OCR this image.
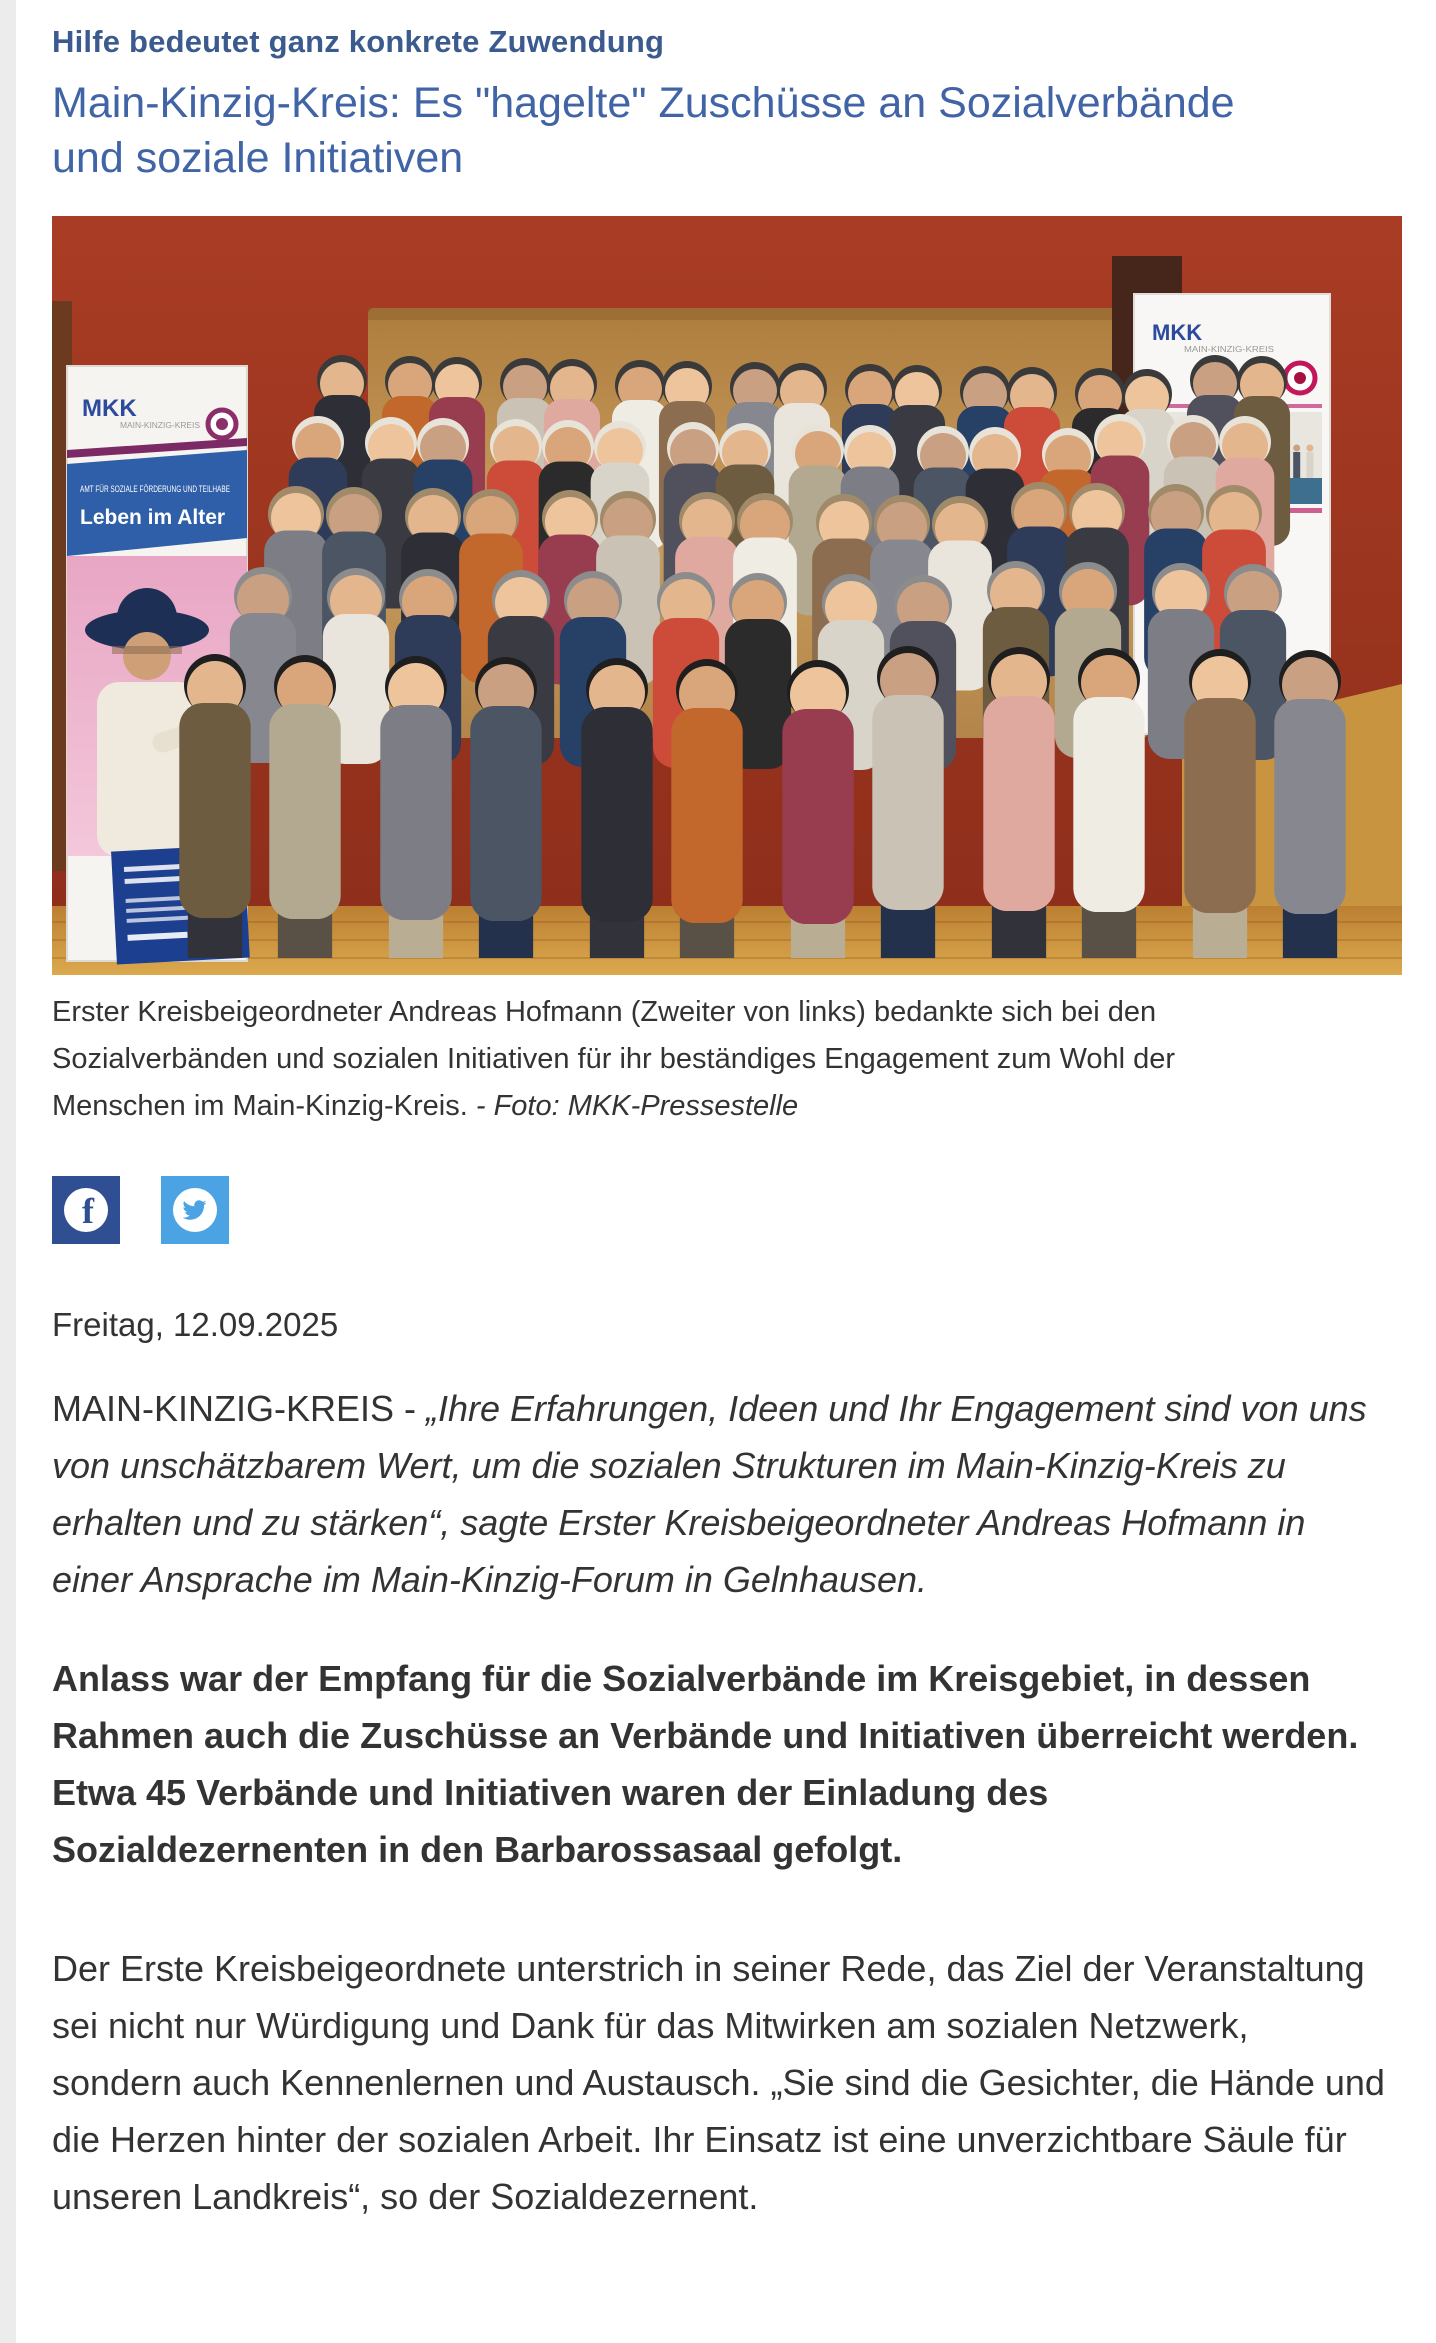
Hilfe bedeutet ganz konkrete Zuwendung
Main-Kinzig-Kreis: Es "hagelte" Zuschüsse an Sozialverbände und soziale Initiativen
MKK
MAIN-KINZIG-KREIS
MKK
MAIN-KINZIG-KREIS
AMT FÜR SOZIALE FÖRDERUNG UND TEILHABE
Leben im Alter
Erster Kreisbeigeordneter Andreas Hofmann (Zweiter von links) bedankte sich bei den Sozialverbänden und sozialen Initiativen für ihr beständiges Engagement zum Wohl der Menschen im Main-Kinzig-Kreis. - Foto: MKK-Pressestelle
f

Freitag, 12.09.2025

MAIN-KINZIG-KREIS - „Ihre Erfahrungen, Ideen und Ihr Engagement sind von uns von unschätzbarem Wert, um die sozialen Strukturen im Main-Kinzig-Kreis zu erhalten und zu stärken“, sagte Erster Kreisbeigeordneter Andreas Hofmann in einer Ansprache im Main-Kinzig-Forum in Gelnhausen.

Anlass war der Empfang für die Sozialverbände im Kreisgebiet, in dessen Rahmen auch die Zuschüsse an Verbände und Initiativen überreicht werden. Etwa 45 Verbände und Initiativen waren der Einladung des Sozialdezernenten in den Barbarossasaal gefolgt.

Der Erste Kreisbeigeordnete unterstrich in seiner Rede, das Ziel der Veranstaltung sei nicht nur Würdigung und Dank für das Mitwirken am sozialen Netzwerk, sondern auch Kennenlernen und Austausch. „Sie sind die Gesichter, die Hände und die Herzen hinter der sozialen Arbeit. Ihr Einsatz ist eine unverzichtbare Säule für unseren Landkreis“, so der Sozialdezernent.
